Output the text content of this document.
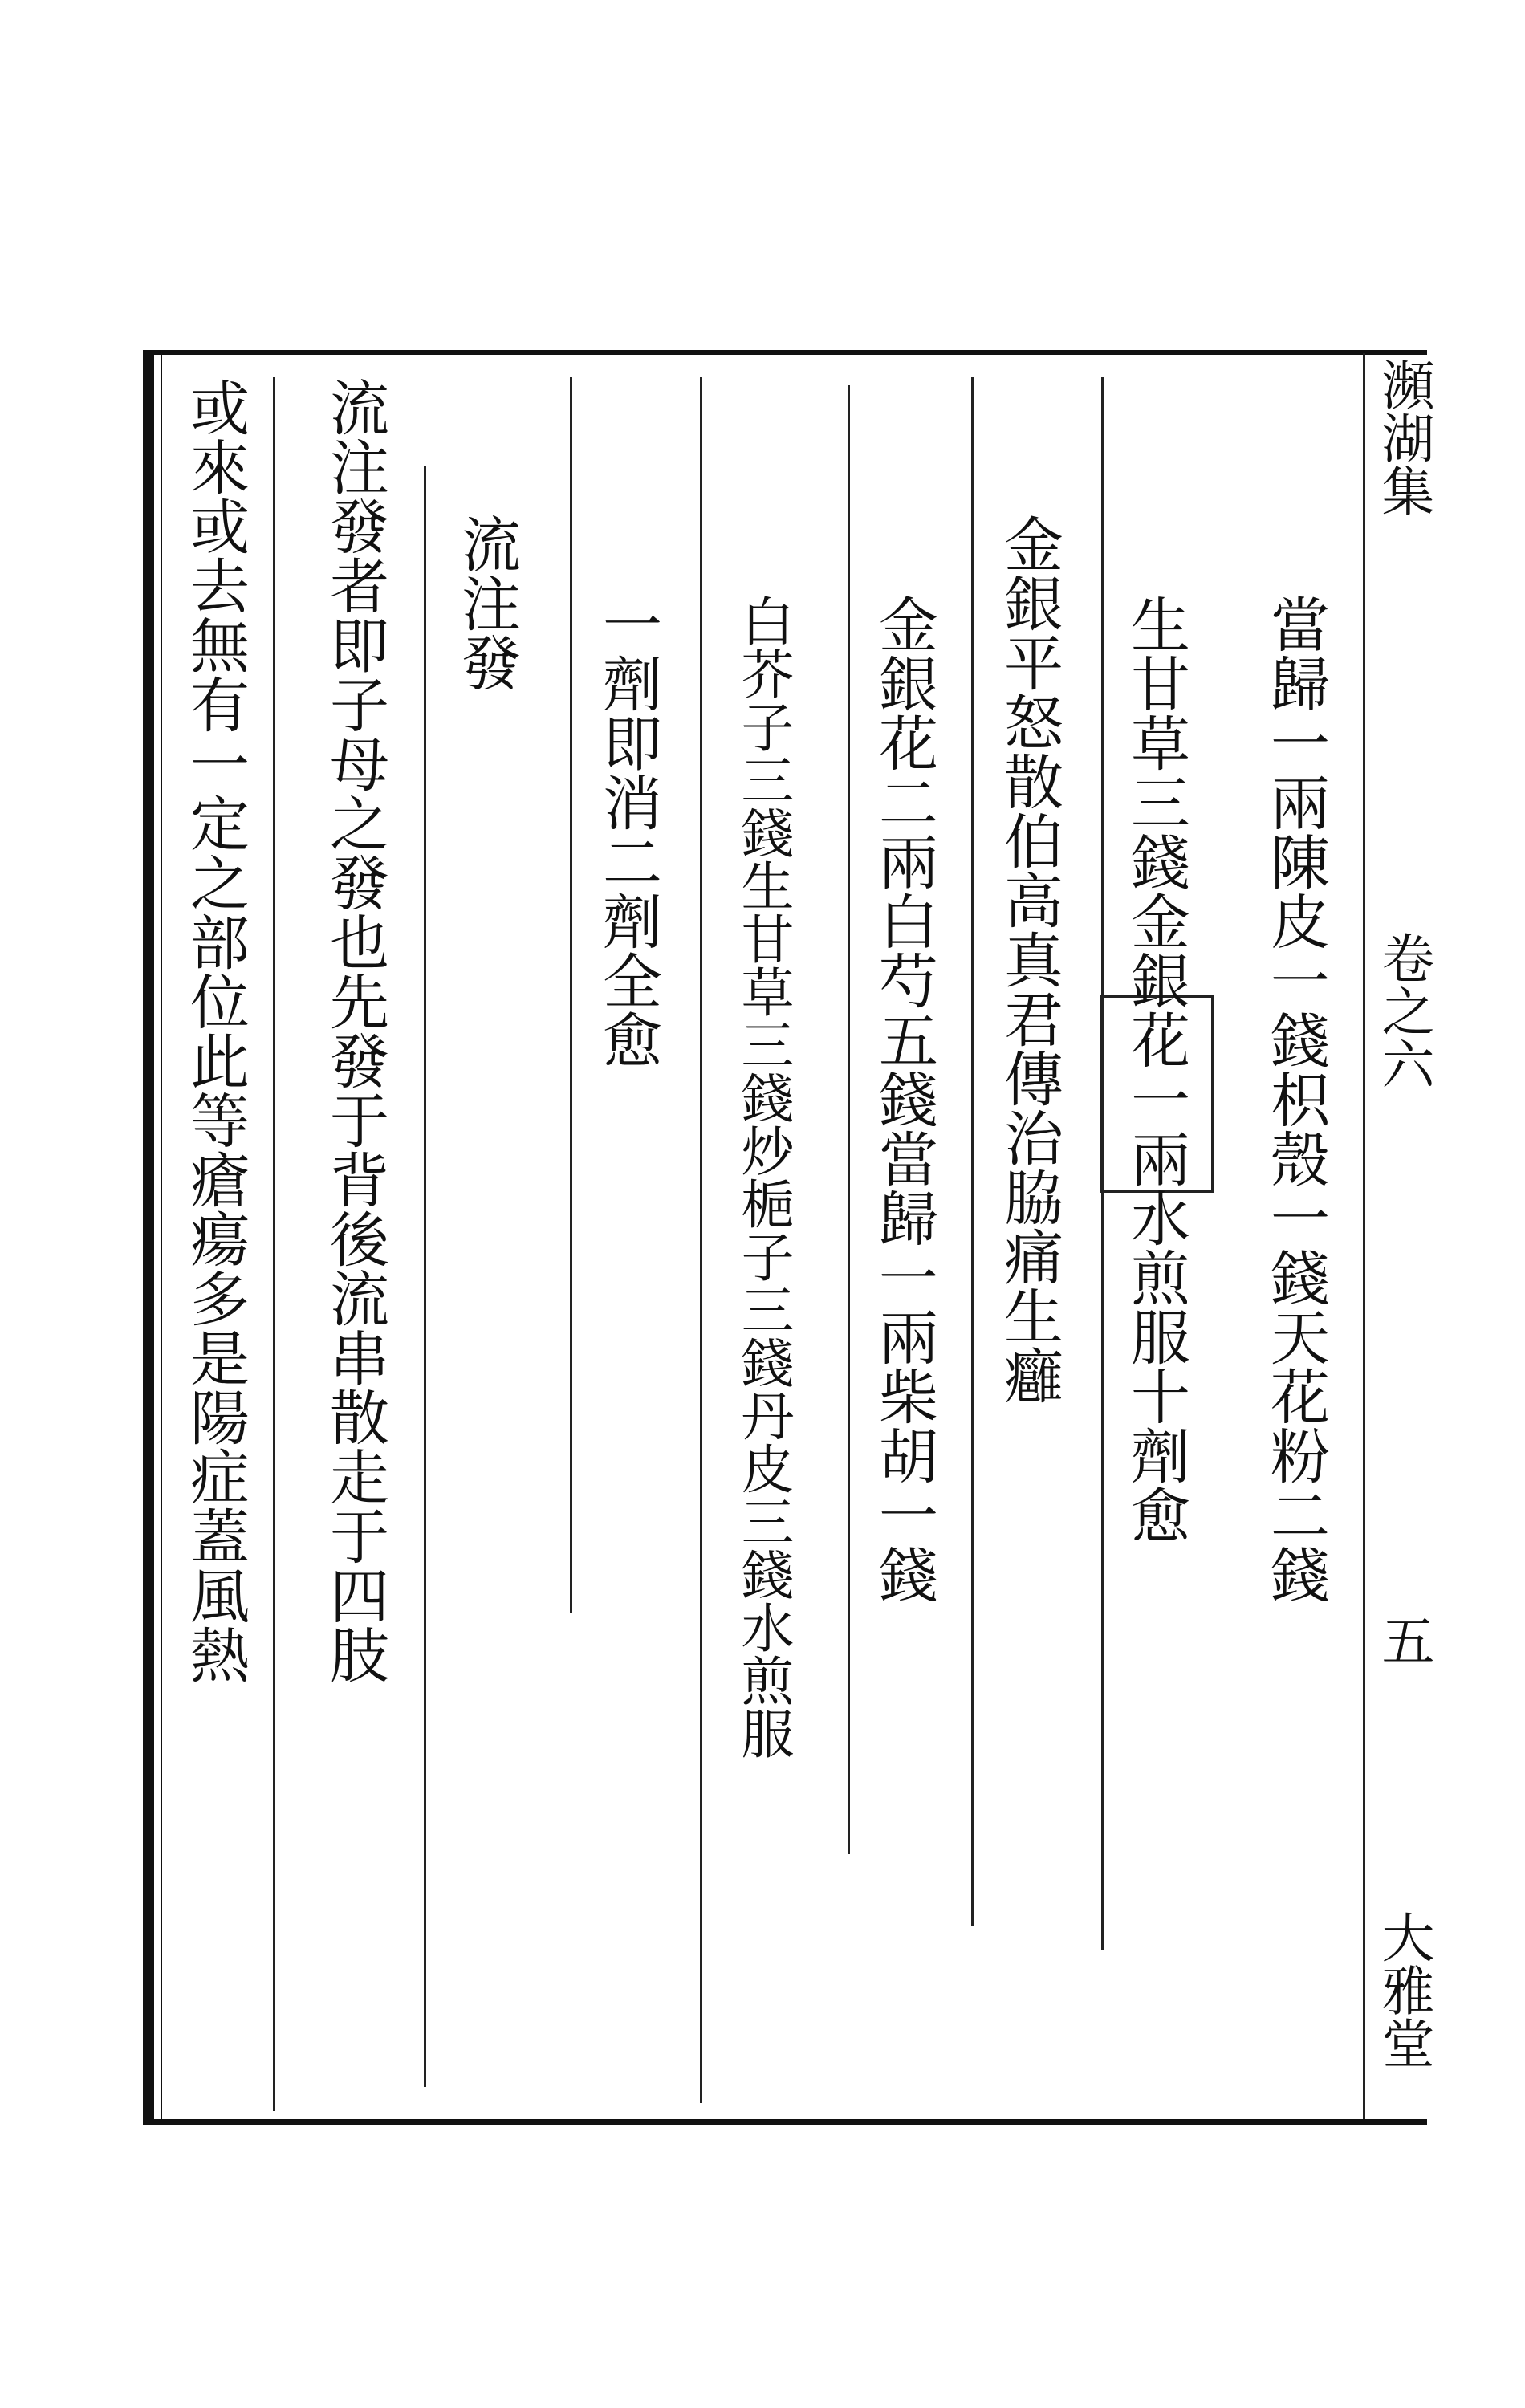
瀕湖集
卷之六
五
大雅堂
當歸一兩陳皮一錢枳殼一錢天花粉二錢
生甘草三錢金銀花一兩水煎服十劑愈
金銀平怒散伯高真君傳治脇痛生癰
金銀花二兩白芍五錢當歸一兩柴胡一錢
白芥子三錢生甘草三錢炒梔子三錢丹皮三錢水煎服
一劑即消二劑全愈
流注發
流注發者即子母之發也先發于背後流串散走于四肢
或來或去無有一定之部位此等瘡瘍多是陽症蓋風熱
